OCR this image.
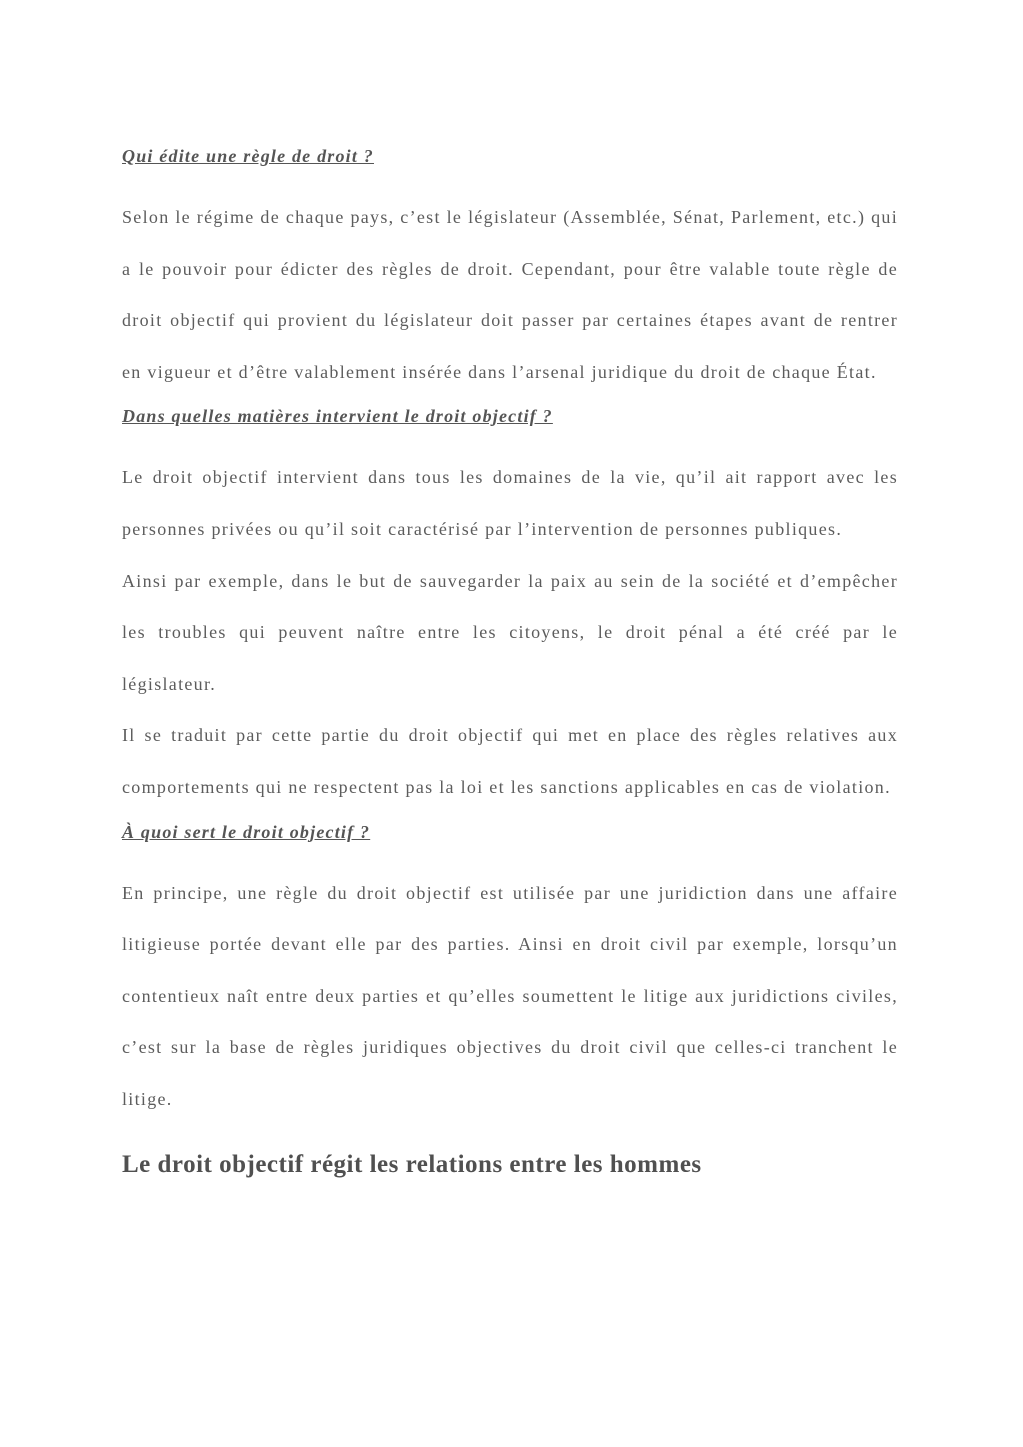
Qui édite une règle de droit ?

Selon le régime de chaque pays, c’est le législateur (Assemblée, Sénat, Parlement, etc.) qui a le pouvoir pour édicter des règles de droit. Cependant, pour être valable toute règle de droit objectif qui provient du législateur doit passer par certaines étapes avant de rentrer en vigueur et d’être valablement insérée dans l’arsenal juridique du droit de chaque État.

Dans quelles matières intervient le droit objectif ?

Le droit objectif intervient dans tous les domaines de la vie, qu’il ait rapport avec les personnes privées ou qu’il soit caractérisé par l’intervention de personnes publiques.

Ainsi par exemple, dans le but de sauvegarder la paix au sein de la société et d’empêcher les troubles qui peuvent naître entre les citoyens, le droit pénal a été créé par le législateur.

Il se traduit par cette partie du droit objectif qui met en place des règles relatives aux comportements qui ne respectent pas la loi et les sanctions applicables en cas de violation.

À quoi sert le droit objectif ?

En principe, une règle du droit objectif est utilisée par une juridiction dans une affaire litigieuse portée devant elle par des parties. Ainsi en droit civil par exemple, lorsqu’un contentieux naît entre deux parties et qu’elles soumettent le litige aux juridictions civiles, c’est sur la base de règles juridiques objectives du droit civil que celles-ci tranchent le litige.

Le droit objectif régit les relations entre les hommes
